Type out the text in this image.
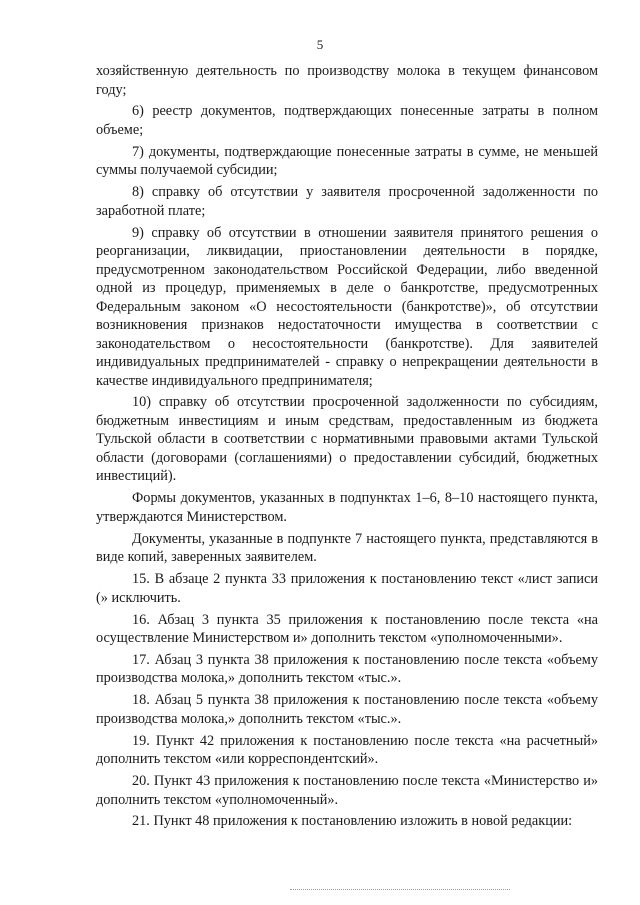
5

хозяйственную деятельность по производству молока в текущем финансовом году;

6) реестр документов, подтверждающих понесенные затраты в полном объеме;

7) документы, подтверждающие понесенные затраты в сумме, не меньшей суммы получаемой субсидии;

8) справку об отсутствии у заявителя просроченной задолженности по заработной плате;

9) справку об отсутствии в отношении заявителя принятого решения о реорганизации, ликвидации, приостановлении деятельности в порядке, предусмотренном законодательством Российской Федерации, либо введенной одной из процедур, применяемых в деле о банкротстве, предусмотренных Федеральным законом «О несостоятельности (банкротстве)», об отсутствии возникновения признаков недостаточности имущества в соответствии с законодательством о несостоятельности (банкротстве). Для заявителей индивидуальных предпринимателей - справку о непрекращении деятельности в качестве индивидуального предпринимателя;

10) справку об отсутствии просроченной задолженности по субсидиям, бюджетным инвестициям и иным средствам, предоставленным из бюджета Тульской области в соответствии с нормативными правовыми актами Тульской области (договорами (соглашениями) о предоставлении субсидий, бюджетных инвестиций).

Формы документов, указанных в подпунктах 1–6, 8–10 настоящего пункта, утверждаются Министерством.

Документы, указанные в подпункте 7 настоящего пункта, представляются в виде копий, заверенных заявителем.

15. В абзаце 2 пункта 33 приложения к постановлению текст «лист записи (» исключить.

16. Абзац 3 пункта 35 приложения к постановлению после текста «на осуществление Министерством и» дополнить текстом «уполномоченными».

17. Абзац 3 пункта 38 приложения к постановлению после текста «объему производства молока,» дополнить текстом «тыс.».

18. Абзац 5 пункта 38 приложения к постановлению после текста «объему производства молока,» дополнить текстом «тыс.».

19. Пункт 42 приложения к постановлению после текста «на расчетный» дополнить текстом «или корреспондентский».

20. Пункт 43 приложения к постановлению после текста «Министерство и» дополнить текстом «уполномоченный».

21. Пункт 48 приложения к постановлению изложить в новой редакции:
